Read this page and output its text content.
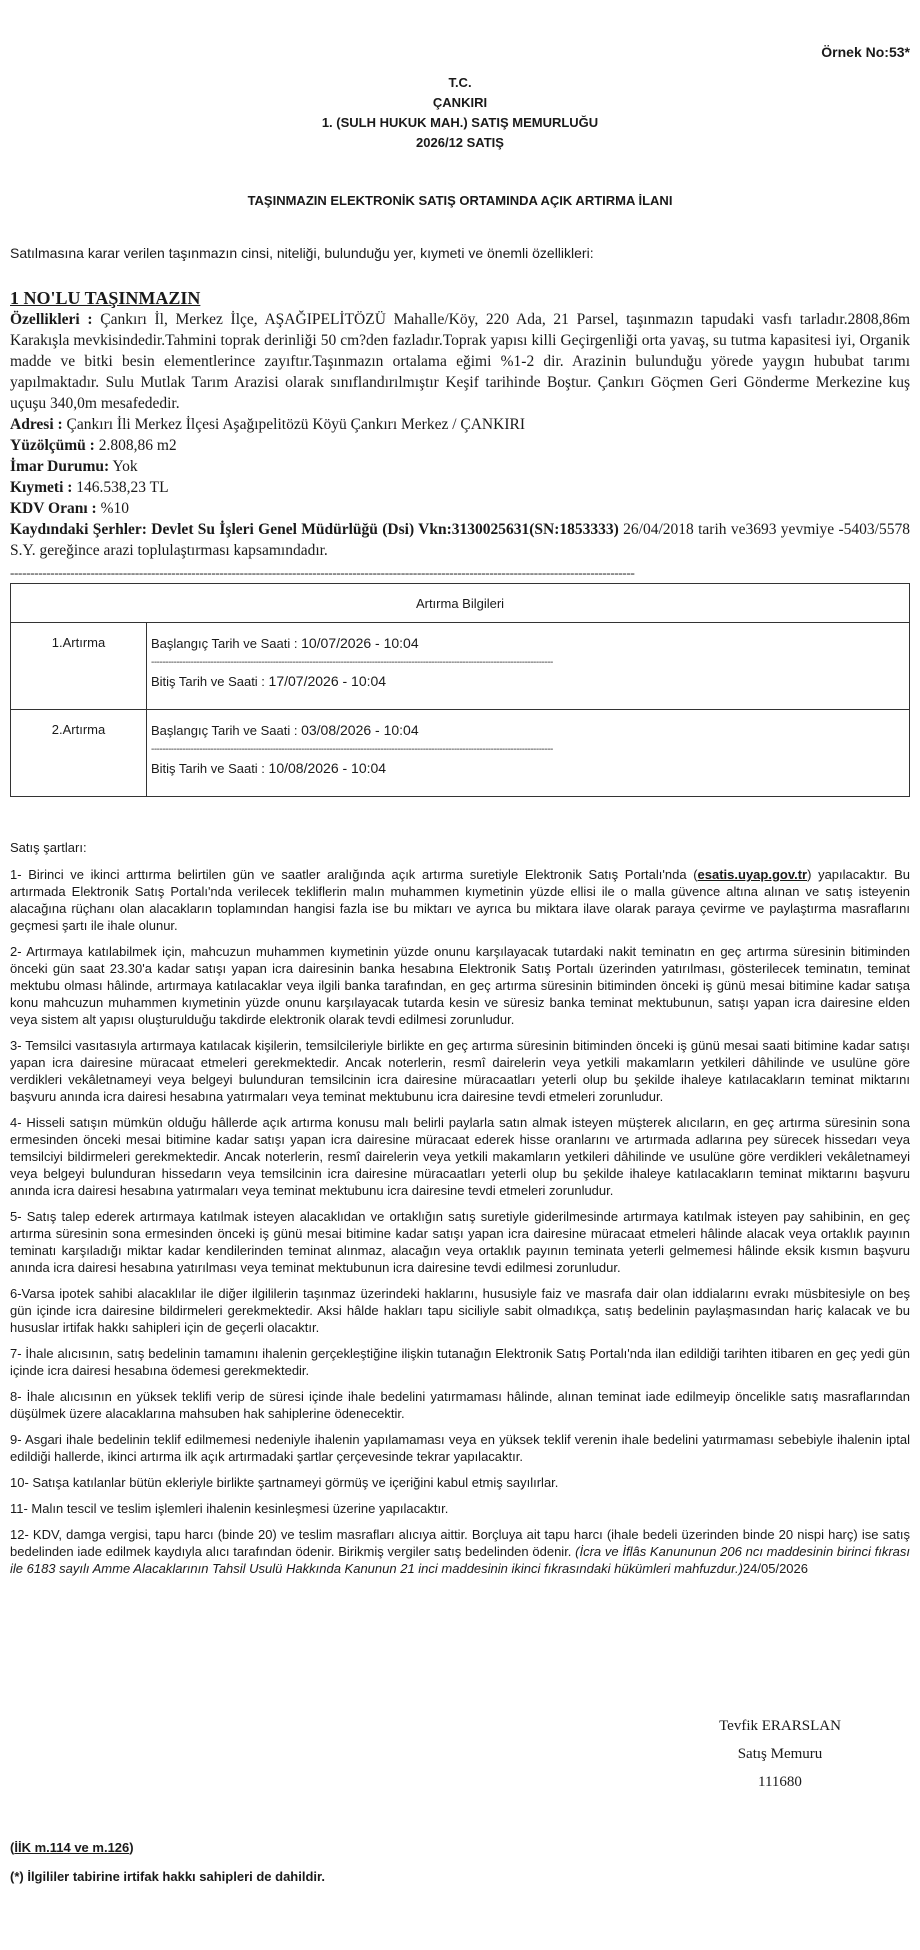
Örnek No:53*
T.C.
ÇANKIRI
1. (SULH HUKUK MAH.) SATIŞ MEMURLUĞU
2026/12 SATIŞ
TAŞINMAZIN ELEKTRONİK SATIŞ ORTAMINDA AÇIK ARTIRMA İLANI
Satılmasına karar verilen taşınmazın cinsi, niteliği, bulunduğu yer, kıymeti ve önemli özellikleri:
1 NO'LU TAŞINMAZIN

Özellikleri : Çankırı İl, Merkez İlçe, AŞAĞIPELİTÖZÜ Mahalle/Köy, 220 Ada, 21 Parsel, taşınmazın tapudaki vasfı tarladır.2808,86m Karakışla mevkisindedir.Tahmini toprak derinliği 50 cm?den fazladır.Toprak yapısı killi Geçirgenliği orta yavaş, su tutma kapasitesi iyi, Organik madde ve bitki besin elementlerince zayıftır.Taşınmazın ortalama eğimi %1-2 dir. Arazinin bulunduğu yörede yaygın hububat tarımı yapılmaktadır. Sulu Mutlak Tarım Arazisi olarak sınıflandırılmıştır Keşif tarihinde Boştur. Çankırı Göçmen Geri Gönderme Merkezine kuş uçuşu 340,0m mesafededir.

Adresi : Çankırı İli Merkez İlçesi Aşağıpelitözü Köyü Çankırı Merkez / ÇANKIRI

Yüzölçümü : 2.808,86 m2

İmar Durumu: Yok

Kıymeti : 146.538,23 TL

KDV Oranı : %10

Kaydındaki Şerhler: Devlet Su İşleri Genel Müdürlüğü (Dsi) Vkn:3130025631(SN:1853333) 26/04/2018 tarih ve3693 yevmiye -5403/5578 S.Y. gereğince arazi toplulaştırması kapsamındadır.

-----------------------------------------------------------------------------------------------------------------------------------------------------------
Artırma Bilgileri	
1.Artırma	Başlangıç Tarih ve Saati : 10/07/2026 - 10:04
----------------------------------------------------------------------------------------------------------------------------------------------
Bitiş Tarih ve Saati : 17/07/2026 - 10:04

2.Artırma	Başlangıç Tarih ve Saati : 03/08/2026 - 10:04
----------------------------------------------------------------------------------------------------------------------------------------------
Bitiş Tarih ve Saati : 10/08/2026 - 10:04
Satış şartları:

1- Birinci ve ikinci arttırma belirtilen gün ve saatler aralığında açık artırma suretiyle Elektronik Satış Portalı'nda (esatis.uyap.gov.tr) yapılacaktır. Bu artırmada Elektronik Satış Portalı'nda verilecek tekliflerin malın muhammen kıymetinin yüzde ellisi ile o malla güvence altına alınan ve satış isteyenin alacağına rüçhanı olan alacakların toplamından hangisi fazla ise bu miktarı ve ayrıca bu miktara ilave olarak paraya çevirme ve paylaştırma masraflarını geçmesi şartı ile ihale olunur.

2- Artırmaya katılabilmek için, mahcuzun muhammen kıymetinin yüzde onunu karşılayacak tutardaki nakit teminatın en geç artırma süresinin bitiminden önceki gün saat 23.30'a kadar satışı yapan icra dairesinin banka hesabına Elektronik Satış Portalı üzerinden yatırılması, gösterilecek teminatın, teminat mektubu olması hâlinde, artırmaya katılacaklar veya ilgili banka tarafından, en geç artırma süresinin bitiminden önceki iş günü mesai bitimine kadar satışa konu mahcuzun muhammen kıymetinin yüzde onunu karşılayacak tutarda kesin ve süresiz banka teminat mektubunun, satışı yapan icra dairesine elden veya sistem alt yapısı oluşturulduğu takdirde elektronik olarak tevdi edilmesi zorunludur.

3- Temsilci vasıtasıyla artırmaya katılacak kişilerin, temsilcileriyle birlikte en geç artırma süresinin bitiminden önceki iş günü mesai saati bitimine kadar satışı yapan icra dairesine müracaat etmeleri gerekmektedir. Ancak noterlerin, resmî dairelerin veya yetkili makamların yetkileri dâhilinde ve usulüne göre verdikleri vekâletnameyi veya belgeyi bulunduran temsilcinin icra dairesine müracaatları yeterli olup bu şekilde ihaleye katılacakların teminat miktarını başvuru anında icra dairesi hesabına yatırmaları veya teminat mektubunu icra dairesine tevdi etmeleri zorunludur.

4- Hisseli satışın mümkün olduğu hâllerde açık artırma konusu malı belirli paylarla satın almak isteyen müşterek alıcıların, en geç artırma süresinin sona ermesinden önceki mesai bitimine kadar satışı yapan icra dairesine müracaat ederek hisse oranlarını ve artırmada adlarına pey sürecek hissedarı veya temsilciyi bildirmeleri gerekmektedir. Ancak noterlerin, resmî dairelerin veya yetkili makamların yetkileri dâhilinde ve usulüne göre verdikleri vekâletnameyi veya belgeyi bulunduran hissedarın veya temsilcinin icra dairesine müracaatları yeterli olup bu şekilde ihaleye katılacakların teminat miktarını başvuru anında icra dairesi hesabına yatırmaları veya teminat mektubunu icra dairesine tevdi etmeleri zorunludur.

5- Satış talep ederek artırmaya katılmak isteyen alacaklıdan ve ortaklığın satış suretiyle giderilmesinde artırmaya katılmak isteyen pay sahibinin, en geç artırma süresinin sona ermesinden önceki iş günü mesai bitimine kadar satışı yapan icra dairesine müracaat etmeleri hâlinde alacak veya ortaklık payının teminatı karşıladığı miktar kadar kendilerinden teminat alınmaz, alacağın veya ortaklık payının teminata yeterli gelmemesi hâlinde eksik kısmın başvuru anında icra dairesi hesabına yatırılması veya teminat mektubunun icra dairesine tevdi edilmesi zorunludur.

6-Varsa ipotek sahibi alacaklılar ile diğer ilgililerin taşınmaz üzerindeki haklarını, hususiyle faiz ve masrafa dair olan iddialarını evrakı müsbitesiyle on beş gün içinde icra dairesine bildirmeleri gerekmektedir. Aksi hâlde hakları tapu siciliyle sabit olmadıkça, satış bedelinin paylaşmasından hariç kalacak ve bu hususlar irtifak hakkı sahipleri için de geçerli olacaktır.

7- İhale alıcısının, satış bedelinin tamamını ihalenin gerçekleştiğine ilişkin tutanağın Elektronik Satış Portalı'nda ilan edildiği tarihten itibaren en geç yedi gün içinde icra dairesi hesabına ödemesi gerekmektedir.

8- İhale alıcısının en yüksek teklifi verip de süresi içinde ihale bedelini yatırmaması hâlinde, alınan teminat iade edilmeyip öncelikle satış masraflarından düşülmek üzere alacaklarına mahsuben hak sahiplerine ödenecektir.

9- Asgari ihale bedelinin teklif edilmemesi nedeniyle ihalenin yapılamaması veya en yüksek teklif verenin ihale bedelini yatırmaması sebebiyle ihalenin iptal edildiği hallerde, ikinci artırma ilk açık artırmadaki şartlar çerçevesinde tekrar yapılacaktır.

10- Satışa katılanlar bütün ekleriyle birlikte şartnameyi görmüş ve içeriğini kabul etmiş sayılırlar.

11- Malın tescil ve teslim işlemleri ihalenin kesinleşmesi üzerine yapılacaktır.

12- KDV, damga vergisi, tapu harcı (binde 20) ve teslim masrafları alıcıya aittir. Borçluya ait tapu harcı (ihale bedeli üzerinden binde 20 nispi harç) ise satış bedelinden iade edilmek kaydıyla alıcı tarafından ödenir. Birikmiş vergiler satış bedelinden ödenir. (İcra ve İflâs Kanununun 206 ncı maddesinin birinci fıkrası ile 6183 sayılı Amme Alacaklarının Tahsil Usulü Hakkında Kanunun 21 inci maddesinin ikinci fıkrasındaki hükümleri mahfuzdur.)24/05/2026

Tevfik ERARSLAN
Satış Memuru
111680
(İİK m.114 ve m.126)
(*) İlgililer tabirine irtifak hakkı sahipleri de dahildir.
